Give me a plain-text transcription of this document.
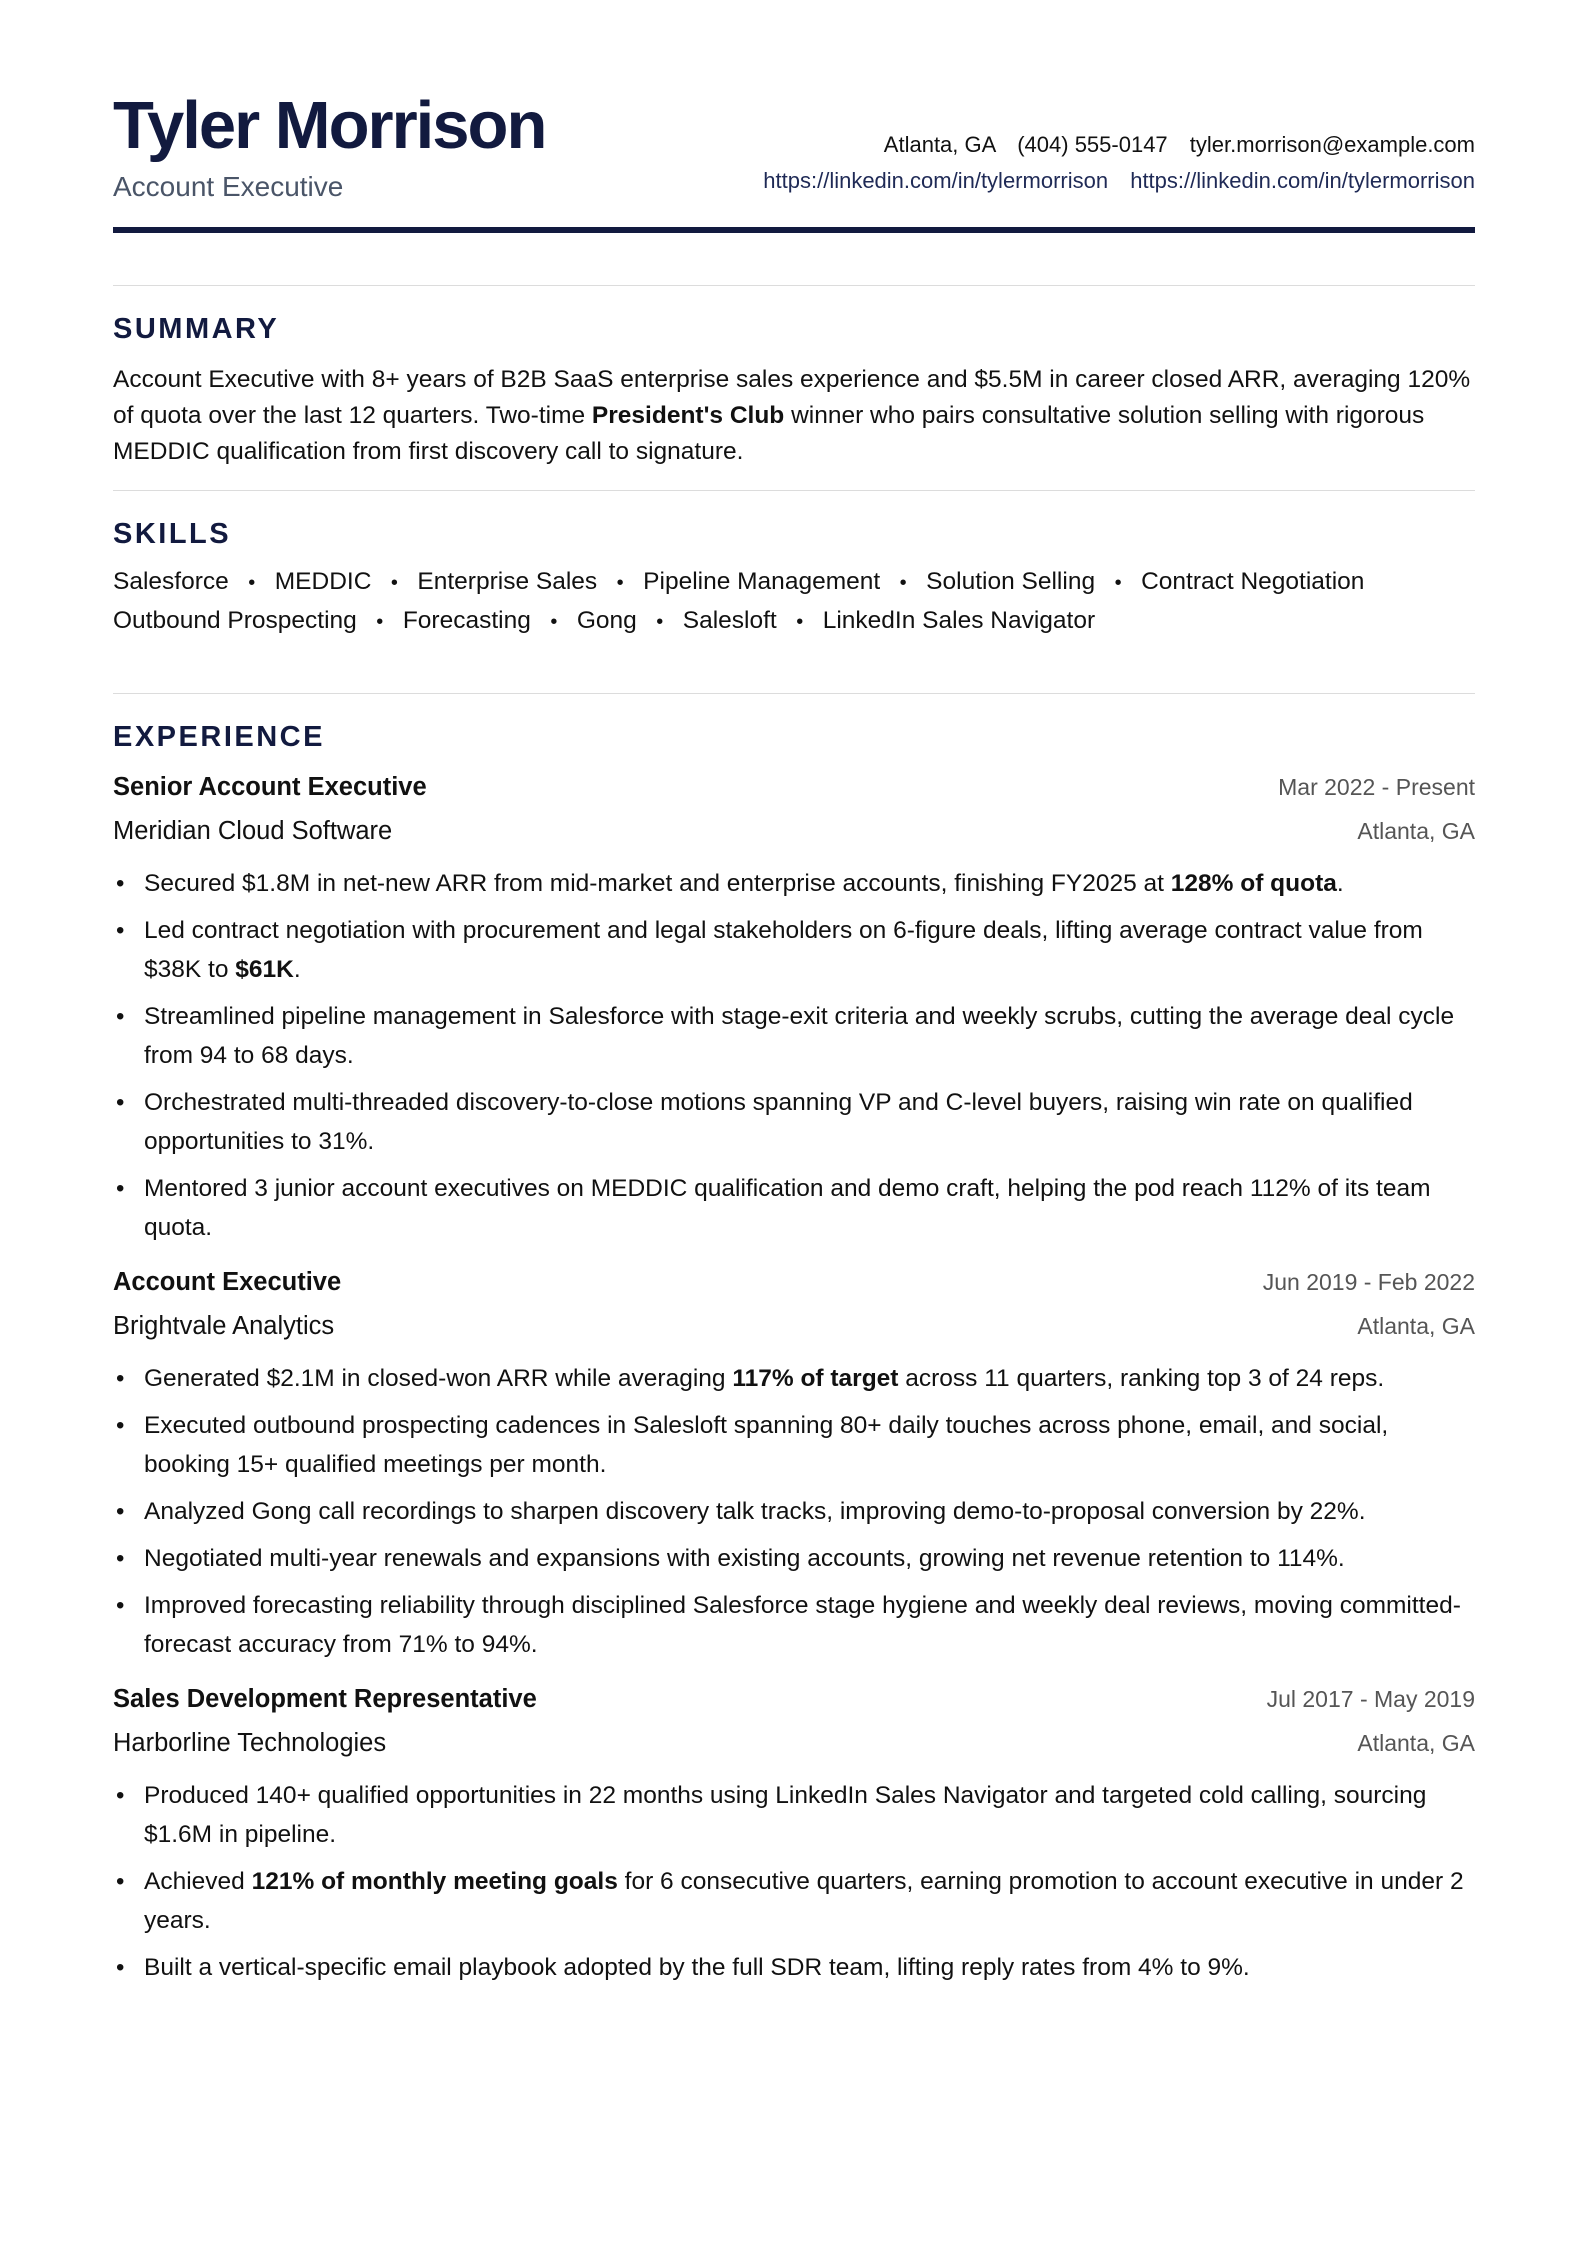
Tyler Morrison
Account Executive
Atlanta, GA (404) 555-0147 tyler.morrison@example.com
https://linkedin.com/in/tylermorrison https://linkedin.com/in/tylermorrison
SUMMARY

Account Executive with 8+ years of B2B SaaS enterprise sales experience and $5.5M in career closed ARR, averaging 120% of quota over the last 12 quarters. Two-time President's Club winner who pairs consultative solution selling with rigorous MEDDIC qualification from first discovery call to signature.

SKILLS
Salesforce • MEDDIC • Enterprise Sales • Pipeline Management • Solution Selling • Contract Negotiation
Outbound Prospecting • Forecasting • Gong • Salesloft • LinkedIn Sales Navigator
EXPERIENCE
Senior Account Executive	Mar 2022 - Present
Meridian Cloud Software	Atlanta, GA
• Secured $1.8M in net-new ARR from mid-market and enterprise accounts, finishing FY2025 at 128% of quota.
• Led contract negotiation with procurement and legal stakeholders on 6-figure deals, lifting average contract value from $38K to $61K.
• Streamlined pipeline management in Salesforce with stage-exit criteria and weekly scrubs, cutting the average deal cycle from 94 to 68 days.
• Orchestrated multi-threaded discovery-to-close motions spanning VP and C-level buyers, raising win rate on qualified opportunities to 31%.
• Mentored 3 junior account executives on MEDDIC qualification and demo craft, helping the pod reach 112% of its team quota.
Account Executive	Jun 2019 - Feb 2022
Brightvale Analytics	Atlanta, GA
• Generated $2.1M in closed-won ARR while averaging 117% of target across 11 quarters, ranking top 3 of 24 reps.
• Executed outbound prospecting cadences in Salesloft spanning 80+ daily touches across phone, email, and social, booking 15+ qualified meetings per month.
• Analyzed Gong call recordings to sharpen discovery talk tracks, improving demo-to-proposal conversion by 22%.
• Negotiated multi-year renewals and expansions with existing accounts, growing net revenue retention to 114%.
• Improved forecasting reliability through disciplined Salesforce stage hygiene and weekly deal reviews, moving committed-forecast accuracy from 71% to 94%.
Sales Development Representative	Jul 2017 - May 2019
Harborline Technologies	Atlanta, GA
• Produced 140+ qualified opportunities in 22 months using LinkedIn Sales Navigator and targeted cold calling, sourcing $1.6M in pipeline.
• Achieved 121% of monthly meeting goals for 6 consecutive quarters, earning promotion to account executive in under 2 years.
• Built a vertical-specific email playbook adopted by the full SDR team, lifting reply rates from 4% to 9%.
